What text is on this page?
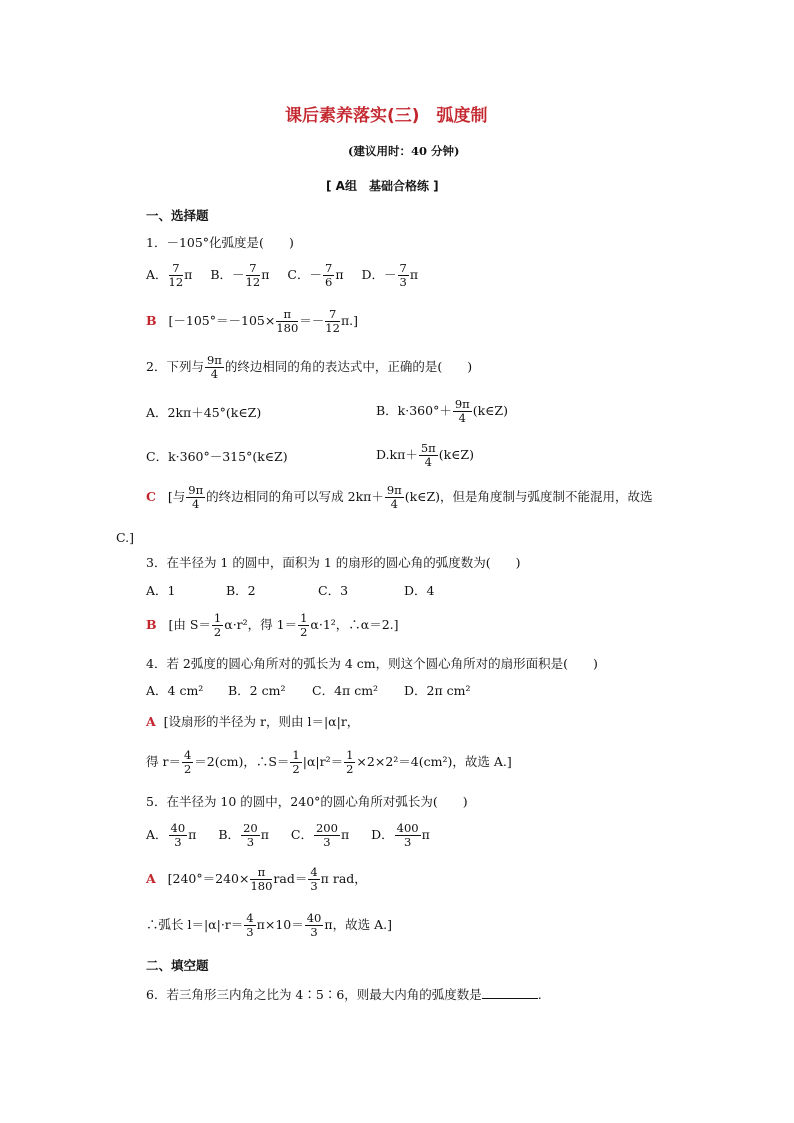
课后素养落实(三)　弧度制
(建议用时：40 分钟)
[ A组　基础合格练 ]
一、选择题
1．－105°化弧度是(　　)
A． $\frac{7}{12}$ π B．－ $\frac{7}{12}$ π C．－ $\frac{7}{6}$ π D．－ $\frac{7}{3}$ π
B $[-105^\circ=-105\times \frac{\pi}{180} =- \frac{7}{12} \pi.]$
2．下列与 $\frac{9\pi}{4}$ 的终边相同的角的表达式中，正确的是(　　)
A．2kπ＋45°(k∈Z)	B．$k\cdot 360^\circ+ \frac{9\pi}{4}$ (k∈Z)
C．k·360°－315°(k∈Z)	$D.k\pi+ \frac{5\pi}{4}$ (k∈Z)
C [与 $\frac{9\pi}{4}$ 的终边相同的角可以写成 $2k\pi+ \frac{9\pi}{4}$ (k∈Z)，但是角度制与弧度制不能混用，故选
C.]
3．在半径为 1 的圆中，面积为 1 的扇形的圆心角的弧度数为(　　)
A．1	B．2	C．3	D．4
B [由 $S= \frac{1}{2} \alpha\cdot r^2$，得 $1= \frac{1}{2} \alpha\cdot 1^2$，∴α＝2.]
4．若 2弧度的圆心角所对的弧长为 4 cm，则这个圆心角所对的扇形面积是(　　)
A．4 cm² B．2 cm² C．4π cm² D．2π cm²
A [设扇形的半径为 r，则由 l＝|α|r，
得 $r= \frac{4}{2} =2(cm)$，∴S＝ $\frac{1}{2} |\alpha|r^2= \frac{1}{2} \times 2\times 2^2=4(cm^2)$，故选 A.]
5．在半径为 10 的圆中，240°的圆心角所对弧长为(　　)
A． $\frac{40}{3}$ π B． $\frac{20}{3}$ π C． $\frac{200}{3}$ π D． $\frac{400}{3}$ π
A [$240^\circ=240\times \frac{\pi}{180} rad= \frac{4}{3}$ π rad，
∴弧长 $l=|\alpha|\cdot r= \frac{4}{3} \pi\times 10= \frac{40}{3}$ π，故选 A.]
二、填空题
6．若三角形三内角之比为 4∶5∶6，则最大内角的弧度数是	.
